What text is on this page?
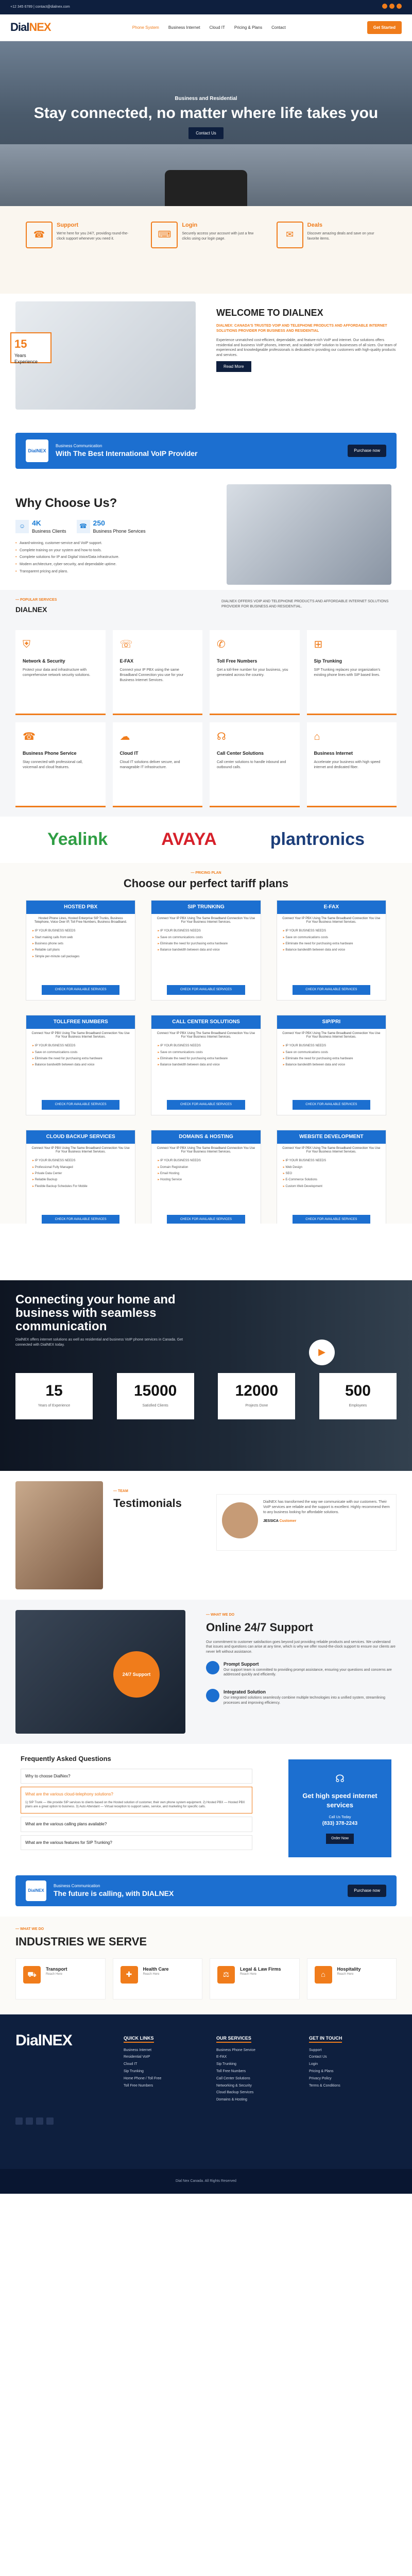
+12 345 6789 | contact@dialnex.com
DialNEX	Phone System Business Internet Cloud IT Pricing & Plans Contact	Get Started
Business and Residential
Stay connected, no matter where life takes you
Contact Us
☎
Support

We're here for you 24/7, providing round-the-clock support whenever you need it.	⌨
Login

Securely access your account with just a few clicks using our login page.	✉
Deals

Discover amazing deals and save on your favorite items.

15
Years Experience
WELCOME TO DIALNEX
DIALNEX: CANADA'S TRUSTED VOIP AND TELEPHONE PRODUCTS AND AFFORDABLE INTERNET SOLUTIONS PROVIDER FOR BUSINESS AND RESIDENTIAL

Experience unmatched cost-efficient, dependable, and feature-rich VoIP and internet. Our solutions offers residential and business VoIP phones, internet, and scalable VoIP solution to businesses of all sizes. Our team of experienced and knowledgeable professionals is dedicated to providing our customers with high-quality products and services.

Read More
DialNEX
Business Communication
With The Best International VoIP Provider	Purchase now
Why Choose Us?
☺ 4K
Business Clients
☎ 250
Business Phone Services
• Award-winning, customer-service and VoIP support.
• Complete training on your system and how-to tools.
• Complete solutions for IP and Digital Voice/Data infrastructure.
• Modern architecture, cyber-security, and dependable uptime.
• Transparent pricing and plans.
— POPULAR SERVICES
DIALNEX
DIALNEX OFFERS VOIP AND TELEPHONE PRODUCTS AND AFFORDABLE INTERNET SOLUTIONS PROVIDER FOR BUSINESS AND RESIDENTIAL.
⛨
Network & Security

Protect your data and infrastructure with comprehensive network security solutions.

☏
E-FAX

Connect your IP PBX using the same Broadband Connection you use for your Business Internet Services.

✆
Toll Free Numbers

Get a toll-free number for your business, you generated across the country.

⊞
Sip Trunking

SIP Trunking replaces your organization's existing phone lines with SIP based lines.

☎
Business Phone Service

Stay connected with professional call, voicemail and cloud features.

☁
Cloud IT

Cloud IT solutions deliver secure, and manageable IT infrastructure.

☊
Call Center Solutions

Call center solutions to handle inbound and outbound calls.

⌂
Business Internet

Accelerate your business with high speed internet and dedicated fiber.

Yealink	AVAYA	plantronics
— PRICING PLAN
Choose our perfect tariff plans
HOSTED PBX
Hosted Phone Lines, Hosted Enterprise SIP Trunks, Business Telephone, Voice Over IP, Toll Free Numbers, Business Broadband.
▸ IP YOUR BUSINESS NEEDS
▸ Start making calls from web
▸ Business phone sets
▸ Reliable call plans
▸ Simple per-minute call packages
CHECK FOR AVAILABLE SERVICES
SIP TRUNKING
Connect Your IP PBX Using The Same Broadband Connection You Use For Your Business Internet Services.
▸ IP YOUR BUSINESS NEEDS
▸ Save on communications costs
▸ Eliminate the need for purchasing extra hardware
▸ Balance bandwidth between data and voice
CHECK FOR AVAILABLE SERVICES
E-FAX
Connect Your IP PBX Using The Same Broadband Connection You Use For Your Business Internet Services.
▸ IP YOUR BUSINESS NEEDS
▸ Save on communications costs
▸ Eliminate the need for purchasing extra hardware
▸ Balance bandwidth between data and voice
CHECK FOR AVAILABLE SERVICES
TOLLFREE NUMBERS
Connect Your IP PBX Using The Same Broadband Connection You Use For Your Business Internet Services.
▸ IP YOUR BUSINESS NEEDS
▸ Save on communications costs
▸ Eliminate the need for purchasing extra hardware
▸ Balance bandwidth between data and voice
CHECK FOR AVAILABLE SERVICES
CALL CENTER SOLUTIONS
Connect Your IP PBX Using The Same Broadband Connection You Use For Your Business Internet Services.
▸ IP YOUR BUSINESS NEEDS
▸ Save on communications costs
▸ Eliminate the need for purchasing extra hardware
▸ Balance bandwidth between data and voice
CHECK FOR AVAILABLE SERVICES
SIP/PRI
Connect Your IP PBX Using The Same Broadband Connection You Use For Your Business Internet Services.
▸ IP YOUR BUSINESS NEEDS
▸ Save on communications costs
▸ Eliminate the need for purchasing extra hardware
▸ Balance bandwidth between data and voice
CHECK FOR AVAILABLE SERVICES
CLOUD BACKUP SERVICES
Connect Your IP PBX Using The Same Broadband Connection You Use For Your Business Internet Services.
▸ IP YOUR BUSINESS NEEDS
▸ Professional Fully Managed
▸ Private Data Center
▸ Reliable Backup
▸ Flexible Backup Schedules For Mobile
CHECK FOR AVAILABLE SERVICES
DOMAINS & HOSTING
Connect Your IP PBX Using The Same Broadband Connection You Use For Your Business Internet Services.
▸ IP YOUR BUSINESS NEEDS
▸ Domain Registration
▸ Email Hosting
▸ Hosting Service
CHECK FOR AVAILABLE SERVICES
WEBSITE DEVELOPMENT
Connect Your IP PBX Using The Same Broadband Connection You Use For Your Business Internet Services.
▸ IP YOUR BUSINESS NEEDS
▸ Web Design
▸ SEO
▸ E-Commerce Solutions
▸ Custom Web Development
CHECK FOR AVAILABLE SERVICES
Connecting your home and business with seamless communication

DialNEX offers internet solutions as well as residential and business VoIP phone services in Canada. Get connected with DialNEX today.

▶
15
Years of Experience
15000
Satisfied Clients
12000
Projects Done
500
Employees
— TEAM
Testimonials	DialNEX has transformed the way we communicate with our customers. Their VoIP services are reliable and the support is excellent. Highly recommend them to any business looking for affordable solutions.
JESSICA Customer
24/7 Support
— WHAT WE DO
Online 24/7 Support

Our commitment to customer satisfaction goes beyond just providing reliable products and services. We understand that issues and questions can arise at any time, which is why we offer round-the-clock support to ensure our clients are never left without assistance.

Prompt Support

Our support team is committed to providing prompt assistance, ensuring your questions and concerns are addressed quickly and efficiently.

Integrated Solution

Our integrated solutions seamlessly combine multiple technologies into a unified system, streamlining processes and improving efficiency.

Frequently Asked Questions
Why to choose DialNex?
What are the various cloud-telephony solutions?
1) SIP Trunk — We provide SIP services to clients based on the Hosted solution of customer, their own phone system equipment. 2) Hosted PBX — Hosted PBX plans are a great option to business. 3) Auto Attendant — Virtual reception to support sales, service, and marketing for specific calls.
What are the various calling plans available?
What are the various features for SIP Trunking?
☊
Get high speed internet services
Call Us Today
(833) 378-2243
Order Now
DialNEX
Business Communication
The future is calling, with DIALNEX	Purchase now
— WHAT WE DO
INDUSTRIES WE SERVE
⛟
Transport

Reach Here	✚
Health Care

Reach Here	⚖
Legal & Law Firms

Reach Here	⌂
Hospitality

Reach Here

DialNEX	QUICK LINKS
Business Internet
Residential VoIP
Cloud IT
Sip Trunking
Home Phone / Toll Free
Toll Free Numbers
OUR SERVICES
Business Phone Service
E-FAX
Sip Trunking
Toll Free Numbers
Call Center Solutions
Networking & Security
Cloud Backup Services
Domains & Hosting
GET IN TOUCH
Support
Contact Us
Login
Pricing & Plans
Privacy Policy
Terms & Conditions
Dial Nex Canada. All Rights Reserved
